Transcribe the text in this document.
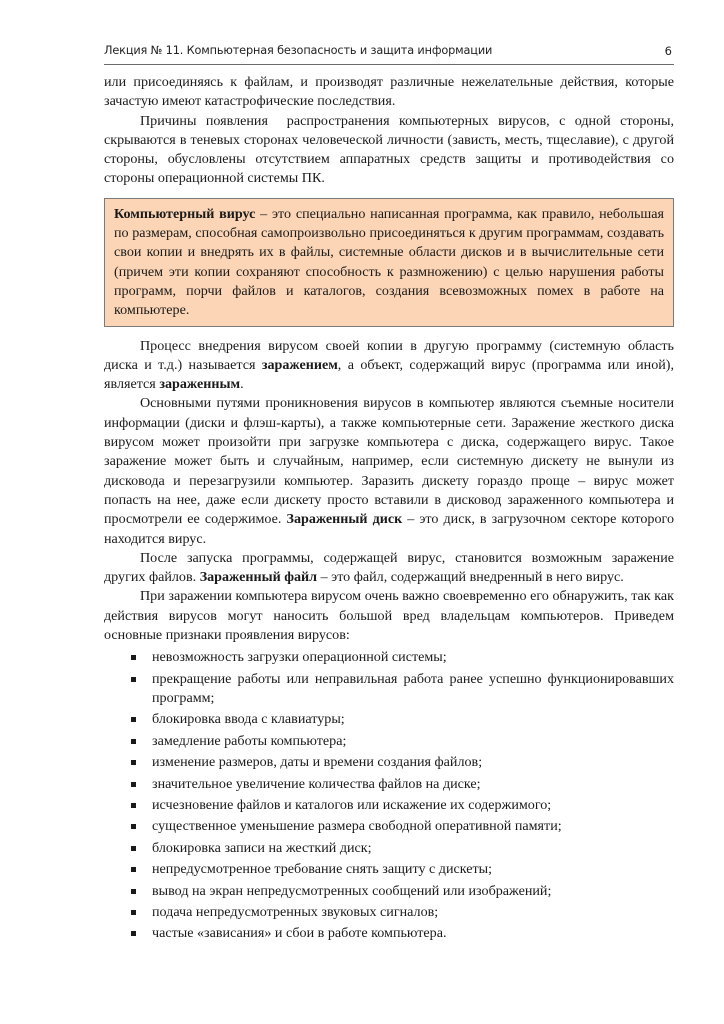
Лекция № 11. Компьютерная безопасность и защита информации	6

или присоединяясь к файлам, и производят различные нежелательные действия, которые зачастую имеют катастрофические последствия.

Причины появления  распространения компьютерных вирусов, с одной стороны, скрываются в теневых сторонах человеческой личности (зависть, месть, тщеславие), с другой стороны, обусловлены отсутствием аппаратных средств защиты и противодействия со стороны операционной системы ПК.

Компьютерный вирус – это специально написанная программа, как правило, небольшая по размерам, способная самопроизвольно присоединяться к другим программам, создавать свои копии и внедрять их в файлы, системные области дисков и в вычислительные сети (причем эти копии сохраняют способность к размножению) с целью нарушения работы программ, порчи файлов и каталогов, создания всевозможных помех в работе на компьютере.

Процесс внедрения вирусом своей копии в другую программу (системную область диска и т.д.) называется заражением, а объект, содержащий вирус (программа или иной), является зараженным.

Основными путями проникновения вирусов в компьютер являются съемные носители информации (диски и флэш-карты), а также компьютерные сети. Заражение жесткого диска вирусом может произойти при загрузке компьютера с диска, содержащего вирус. Такое заражение может быть и случайным, например, если системную дискету не вынули из дисковода и перезагрузили компьютер. Заразить дискету гораздо проще – вирус может попасть на нее, даже если дискету просто вставили в дисковод зараженного компьютера и просмотрели ее содержимое. Зараженный диск – это диск, в загрузочном секторе которого находится вирус.

После запуска программы, содержащей вирус, становится возможным заражение других файлов. Зараженный файл – это файл, содержащий внедренный в него вирус.

При заражении компьютера вирусом очень важно своевременно его обнаружить, так как действия вирусов могут наносить большой вред владельцам компьютеров. Приведем основные признаки проявления вирусов:

невозможность загрузки операционной системы;
прекращение работы или неправильная работа ранее успешно функционировавших программ;
блокировка ввода с клавиатуры;
замедление работы компьютера;
изменение размеров, даты и времени создания файлов;
значительное увеличение количества файлов на диске;
исчезновение файлов и каталогов или искажение их содержимого;
существенное уменьшение размера свободной оперативной памяти;
блокировка записи на жесткий диск;
непредусмотренное требование снять защиту с дискеты;
вывод на экран непредусмотренных сообщений или изображений;
подача непредусмотренных звуковых сигналов;
частые «зависания» и сбои в работе компьютера.
